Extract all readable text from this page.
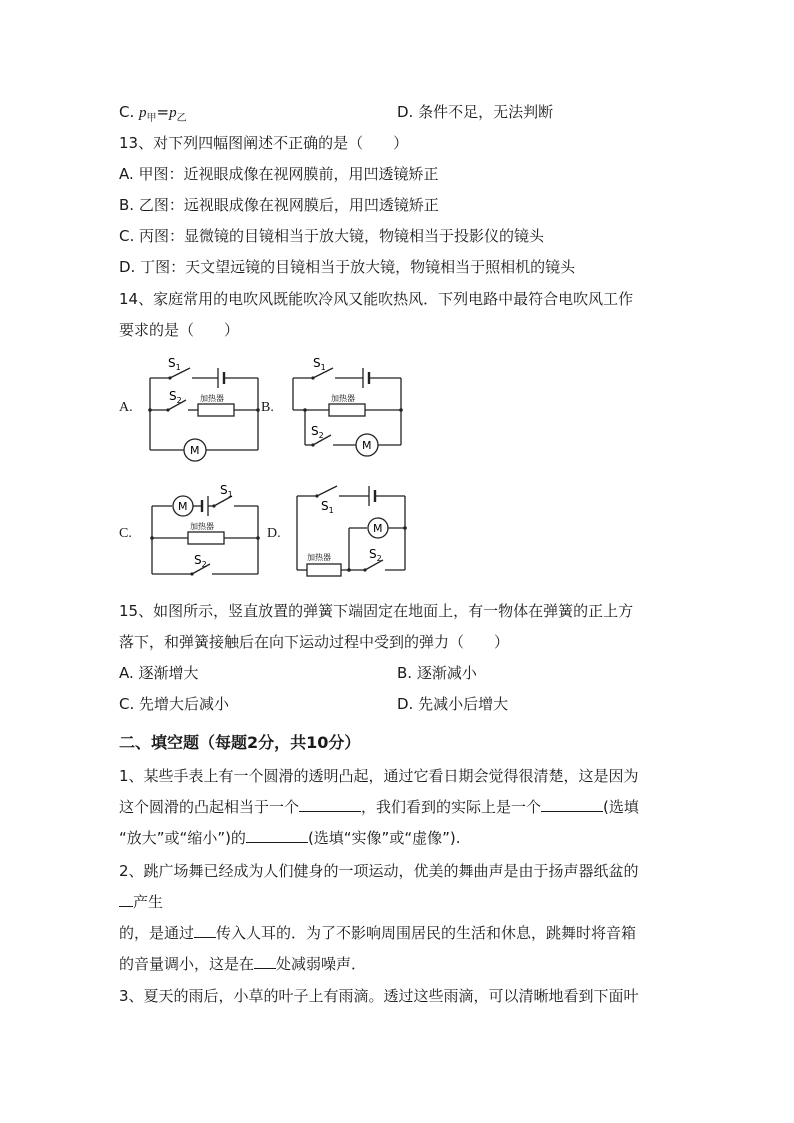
C. $p_甲=p_乙$	D. 条件不足，无法判断
13、对下列四幅图阐述不正确的是（　　）
A. 甲图：近视眼成像在视网膜前，用凹透镜矫正
B. 乙图：远视眼成像在视网膜后，用凹透镜矫正
C. 丙图：显微镜的目镜相当于放大镜，物镜相当于投影仪的镜头
D. 丁图：天文望远镜的目镜相当于放大镜，物镜相当于照相机的镜头
14、家庭常用的电吹风既能吹冷风又能吹热风．下列电路中最符合电吹风工作
要求的是（　　）
A.	B.
C.	D.
$S_1$
$S_2$ 加热器
M
$S_1$
$S_2$
加热器
M
$S_1$
$S_2$
加热器
M	$S_1$
$S_2$
加热器
M
15、如图所示，竖直放置的弹簧下端固定在地面上，有一物体在弹簧的正上方
落下，和弹簧接触后在向下运动过程中受到的弹力（　　）
A. 逐渐增大	B. 逐渐减小
C. 先增大后减小	D. 先减小后增大
二、填空题（每题2分，共10分）
1、某些手表上有一个圆滑的透明凸起，通过它看日期会觉得很清楚，这是因为
这个圆滑的凸起相当于一个	，我们看到的实际上是一个	(选填
“放大”或“缩小”)的	(选填“实像”或“虚像”).
2、跳广场舞已经成为人们健身的一项运动，优美的舞曲声是由于扬声器纸盆的
产生
的，是通过 传入人耳的．为了不影响周围居民的生活和休息，跳舞时将音箱
的音量调小，这是在 处减弱噪声．
3、夏天的雨后，小草的叶子上有雨滴。透过这些雨滴，可以清晰地看到下面叶
